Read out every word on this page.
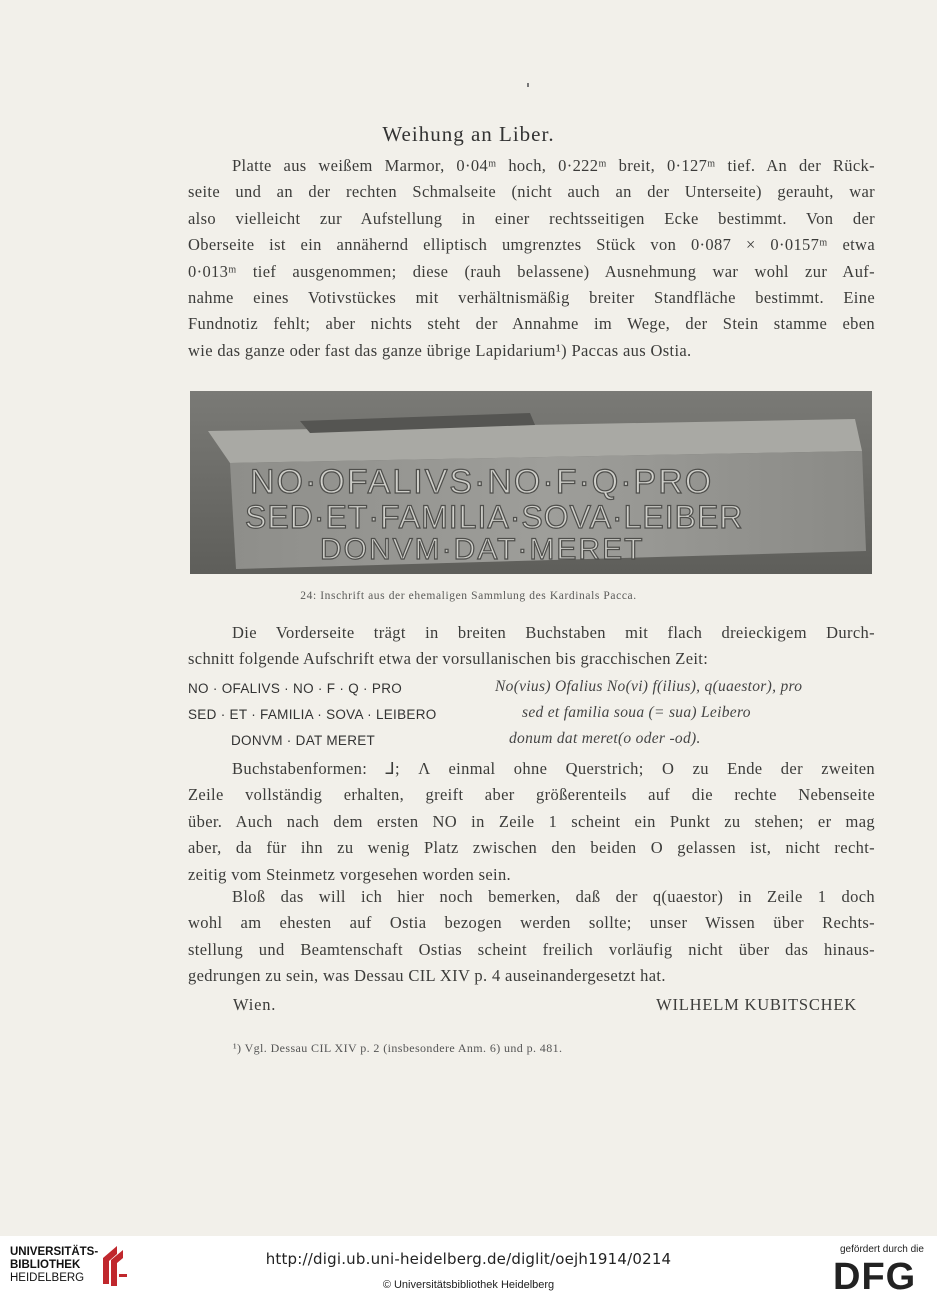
Weihung an Liber.
Platte aus weißem Marmor, 0·04ᵐ hoch, 0·222ᵐ breit, 0·127ᵐ tief. An der Rück-
seite und an der rechten Schmalseite (nicht auch an der Unterseite) gerauht, war
also vielleicht zur Aufstellung in einer rechtsseitigen Ecke bestimmt. Von der
Oberseite ist ein annähernd elliptisch umgrenztes Stück von 0·087 × 0·0157ᵐ etwa
0·013ᵐ tief ausgenommen; diese (rauh belassene) Ausnehmung war wohl zur Auf-
nahme eines Votivstückes mit verhältnismäßig breiter Standfläche bestimmt. Eine
Fundnotiz fehlt; aber nichts steht der Annahme im Wege, der Stein stamme eben
wie das ganze oder fast das ganze übrige Lapidarium¹) Paccas aus Ostia.
NO·OFALIVS·NO·F·Q·PRO
SED·ET·FAMILIA·SOVA·LEIBER
DONVM·DAT·MERET
24: Inschrift aus der ehemaligen Sammlung des Kardinals Pacca.
Die Vorderseite trägt in breiten Buchstaben mit flach dreieckigem Durch-
schnitt folgende Aufschrift etwa der vorsullanischen bis gracchischen Zeit:
NO · OFALIVS · NO · F · Q · PRO	No(vius) Ofalius No(vi) f(ilius), q(uaestor), pro
SED · ET · FAMILIA · SOVA · LEIBERO	sed et familia soua (= sua) Leibero
DONVM · DAT MERET	donum dat meret(o oder -od).
Buchstabenformen: ⅃; Λ einmal ohne Querstrich; O zu Ende der zweiten
Zeile vollständig erhalten, greift aber größerenteils auf die rechte Nebenseite
über. Auch nach dem ersten NO in Zeile 1 scheint ein Punkt zu stehen; er mag
aber, da für ihn zu wenig Platz zwischen den beiden O gelassen ist, nicht recht-
zeitig vom Steinmetz vorgesehen worden sein.
Bloß das will ich hier noch bemerken, daß der q(uaestor) in Zeile 1 doch
wohl am ehesten auf Ostia bezogen werden sollte; unser Wissen über Rechts-
stellung und Beamtenschaft Ostias scheint freilich vorläufig nicht über das hinaus-
gedrungen zu sein, was Dessau CIL XIV p. 4 auseinandergesetzt hat.
Wien.	WILHELM KUBITSCHEK
¹) Vgl. Dessau CIL XIV p. 2 (insbesondere Anm. 6) und p. 481.
UNIVERSITÄTS-
BIBLIOTHEK
HEIDELBERG
http://digi.ub.uni-heidelberg.de/diglit/oejh1914/0214
© Universitätsbibliothek Heidelberg
gefördert durch die
DFG
